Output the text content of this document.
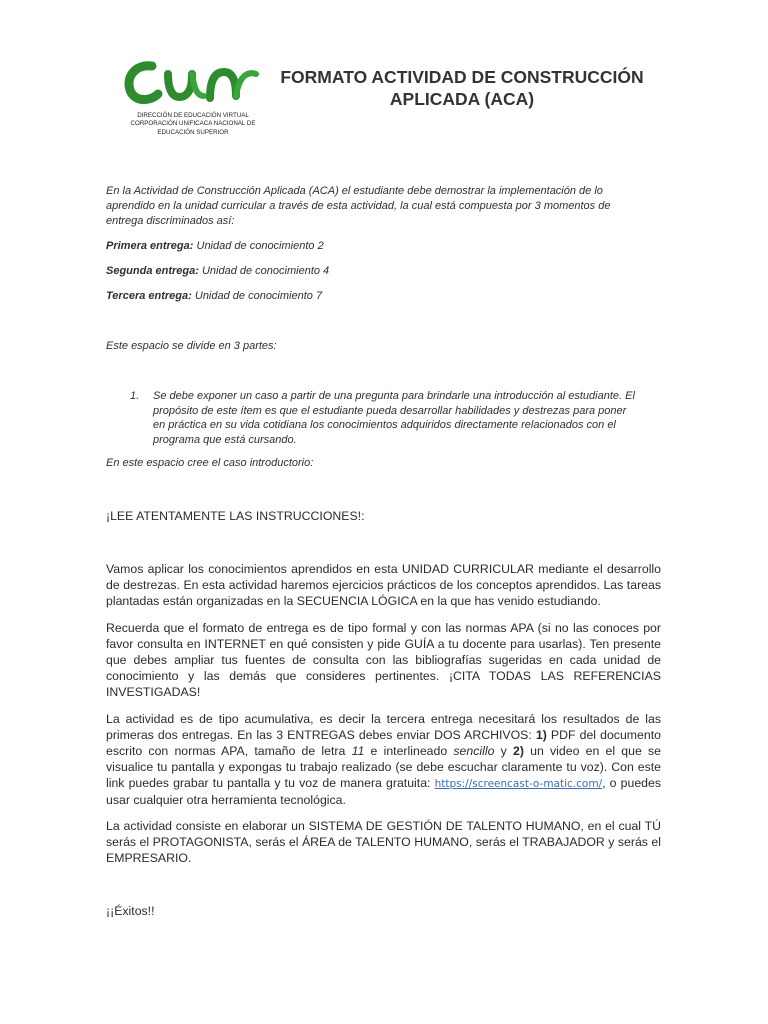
DIRECCIÓN DE EDUCACIÓN VIRTUAL
CORPORACIÓN UNIFICACA NACIONAL DE
EDUCACIÓN SUPERIOR
FORMATO ACTIVIDAD DE CONSTRUCCIÓN
APLICADA (ACA)

En la Actividad de Construcción Aplicada (ACA) el estudiante debe demostrar la implementación de lo aprendido en la unidad curricular a través de esta actividad, la cual está compuesta por 3 momentos de entrega discriminados así:

Primera entrega: Unidad de conocimiento 2
Segunda entrega: Unidad de conocimiento 4
Tercera entrega: Unidad de conocimiento 7
Este espacio se divide en 3 partes:
1. Se debe exponer un caso a partir de una pregunta para brindarle una introducción al estudiante. El propósito de este ítem es que el estudiante pueda desarrollar habilidades y destrezas para poner en práctica en su vida cotidiana los conocimientos adquiridos directamente relacionados con el programa que está cursando.
En este espacio cree el caso introductorio:
¡LEE ATENTAMENTE LAS INSTRUCCIONES!:

Vamos aplicar los conocimientos aprendidos en esta UNIDAD CURRICULAR mediante el desarrollo de destrezas. En esta actividad haremos ejercicios prácticos de los conceptos aprendidos. Las tareas plantadas están organizadas en la SECUENCIA LÓGICA en la que has venido estudiando.

Recuerda que el formato de entrega es de tipo formal y con las normas APA (si no las conoces por favor consulta en INTERNET en qué consisten y pide GUÍA a tu docente para usarlas). Ten presente que debes ampliar tus fuentes de consulta con las bibliografías sugeridas en cada unidad de conocimiento y las demás que consideres pertinentes. ¡CITA TODAS LAS REFERENCIAS INVESTIGADAS!

La actividad es de tipo acumulativa, es decir la tercera entrega necesitará los resultados de las primeras dos entregas. En las 3 ENTREGAS debes enviar DOS ARCHIVOS: 1) PDF del documento escrito con normas APA, tamaño de letra 11 e interlineado sencillo y 2) un video en el que se visualice tu pantalla y expongas tu trabajo realizado (se debe escuchar claramente tu voz). Con este link puedes grabar tu pantalla y tu voz de manera gratuita: https://screencast-o-matic.com/, o puedes usar cualquier otra herramienta tecnológica.

La actividad consiste en elaborar un SISTEMA DE GESTIÓN DE TALENTO HUMANO, en el cual TÚ serás el PROTAGONISTA, serás el ÁREA de TALENTO HUMANO, serás el TRABAJADOR y serás el EMPRESARIO.

¡¡Éxitos!!
